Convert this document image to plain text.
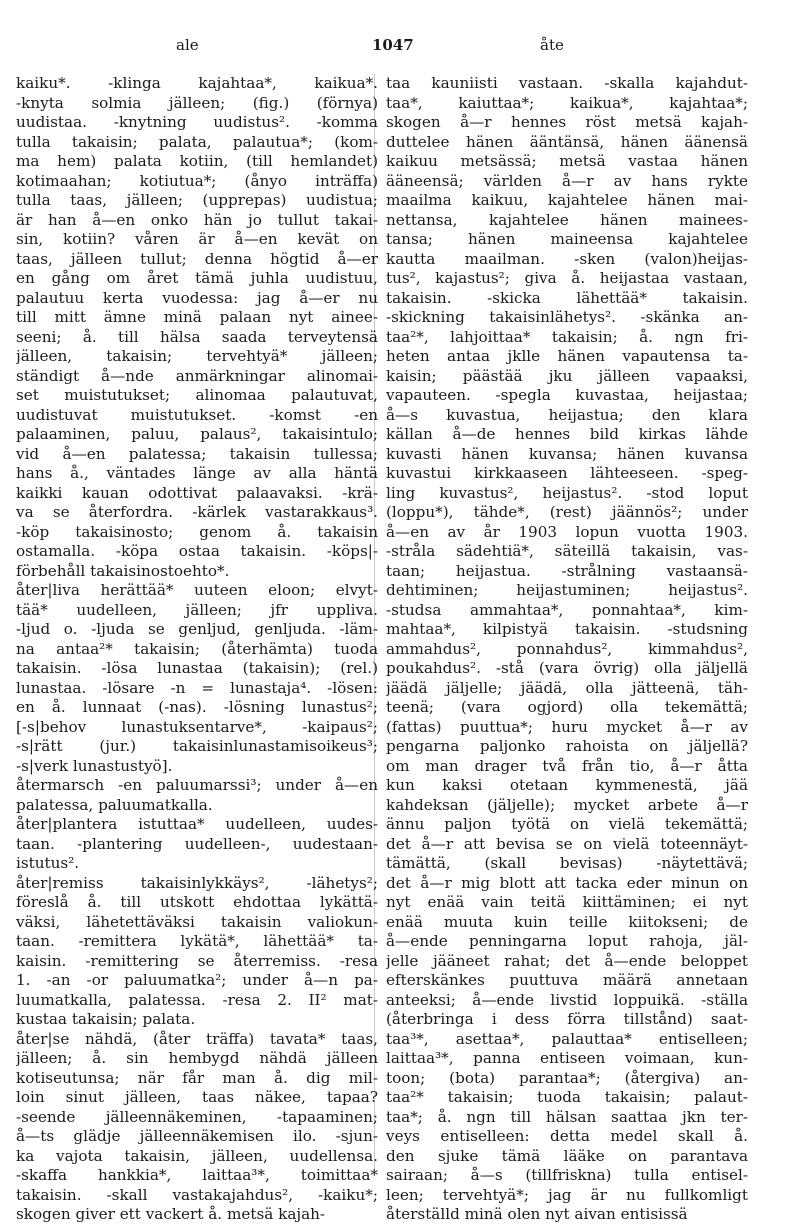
ale	1047	åte
kaiku*. -klinga kajahtaa*, kaikua*.
-knyta solmia jälleen; (fig.) (förnya)
uudistaa. -knytning uudistus². -komma
tulla takaisin; palata, palautua*; (kom-
ma hem) palata kotiin, (till hemlandet)
kotimaahan; kotiutua*; (ånyo inträffa)
tulla taas, jälleen; (upprepas) uudistua;
är han å—en onko hän jo tullut takai-
sin, kotiin? våren är å—en kevät on
taas, jälleen tullut; denna högtid å—er
en gång om året tämä juhla uudistuu,
palautuu kerta vuodessa: jag å—er nu
till mitt ämne minä palaan nyt ainee-
seeni; å. till hälsa saada terveytensä
jälleen, takaisin; tervehtyä* jälleen;
ständigt å—nde anmärkningar alinomai-
set muistutukset; alinomaa palautuvat,
uudistuvat muistutukset. -komst -en
palaaminen, paluu, palaus², takaisintulo;
vid å—en palatessa; takaisin tullessa;
hans å., väntades länge av alla häntä
kaikki kauan odottivat palaavaksi. -krä-
va se återfordra. -kärlek vastarakkaus³.
-köp takaisinosto; genom å. takaisin
ostamalla. -köpa ostaa takaisin. -köps|-
förbehåll takaisinostoehto*.
åter|liva herättää* uuteen eloon; elvyt-
tää* uudelleen, jälleen; jfr uppliva.
-ljud o. -ljuda se genljud, genljuda. -läm-
na antaa²* takaisin; (återhämta) tuoda
takaisin. -lösa lunastaa (takaisin); (rel.)
lunastaa. -lösare -n = lunastaja⁴. -lösen:
en å. lunnaat (-nas). -lösning lunastus²;
[-s|behov lunastuksentarve*, -kaipaus²;
-s|rätt (jur.) takaisinlunastamisoikeus³;
-s|verk lunastustyö].
återmarsch -en paluumarssi³; under å—en
palatessa, paluumatkalla.
åter|plantera istuttaa* uudelleen, uudes-
taan. -plantering uudelleen-, uudestaan-
istutus².
åter|remiss takaisinlykkäys², -lähetys²;
föreslå å. till utskott ehdottaa lykättä-
väksi, lähetettäväksi takaisin valiokun-
taan. -remittera lykätä*, lähettää* ta-
kaisin. -remittering se återremiss. -resa
1. -an -or paluumatka²; under å—n pa-
luumatkalla, palatessa. -resa 2. II² mat-
kustaa takaisin; palata.
åter|se nähdä, (åter träffa) tavata* taas,
jälleen; å. sin hembygd nähdä jälleen
kotiseutunsa; när får man å. dig mil-
loin sinut jälleen, taas näkee, tapaa?
-seende jälleennäkeminen, -tapaaminen;
å—ts glädje jälleennäkemisen ilo. -sjun-
ka vajota takaisin, jälleen, uudellensa.
-skaffa hankkia*, laittaa³*, toimittaa*
takaisin. -skall vastakajahdus², -kaiku*;
skogen giver ett vackert å. metsä kajah-
taa kauniisti vastaan. -skalla kajahdut-
taa*, kaiuttaa*; kaikua*, kajahtaa*;
skogen å—r hennes röst metsä kajah-
duttelee hänen ääntänsä, hänen äänensä
kaikuu metsässä; metsä vastaa hänen
ääneensä; världen å—r av hans rykte
maailma kaikuu, kajahtelee hänen mai-
nettansa, kajahtelee hänen mainees-
tansa; hänen maineensa kajahtelee
kautta maailman. -sken (valon)heijas-
tus², kajastus²; giva å. heijastaa vastaan,
takaisin. -skicka lähettää* takaisin.
-skickning takaisinlähetys². -skänka an-
taa²*, lahjoittaa* takaisin; å. ngn fri-
heten antaa jklle hänen vapautensa ta-
kaisin; päästää jku jälleen vapaaksi,
vapauteen. -spegla kuvastaa, heijastaa;
å—s kuvastua, heijastua; den klara
källan å—de hennes bild kirkas lähde
kuvasti hänen kuvansa; hänen kuvansa
kuvastui kirkkaaseen lähteeseen. -speg-
ling kuvastus², heijastus². -stod loput
(loppu*), tähde*, (rest) jäännös²; under
å—en av år 1903 lopun vuotta 1903.
-stråla sädehtiä*, säteillä takaisin, vas-
taan; heijastua. -strålning vastaansä-
dehtiminen; heijastuminen; heijastus².
-studsa ammahtaa*, ponnahtaa*, kim-
mahtaa*, kilpistyä takaisin. -studsning
ammahdus², ponnahdus², kimmahdus²,
poukahdus². -stå (vara övrig) olla jäljellä
jäädä jäljelle; jäädä, olla jätteenä, täh-
teenä; (vara ogjord) olla tekemättä;
(fattas) puuttua*; huru mycket å—r av
pengarna paljonko rahoista on jäljellä?
om man drager två från tio, å—r åtta
kun kaksi otetaan kymmenestä, jää
kahdeksan (jäljelle); mycket arbete å—r
ännu paljon työtä on vielä tekemättä;
det å—r att bevisa se on vielä toteennäyt-
tämättä, (skall bevisas) -näytettävä;
det å—r mig blott att tacka eder minun on
nyt enää vain teitä kiittäminen; ei nyt
enää muuta kuin teille kiitokseni; de
å—ende penningarna loput rahoja, jäl-
jelle jääneet rahat; det å—ende beloppet
efterskänkes puuttuva määrä annetaan
anteeksi; å—ende livstid loppuikä. -ställa
(återbringa i dess förra tillstånd) saat-
taa³*, asettaa*, palauttaa* entiselleen;
laittaa³*, panna entiseen voimaan, kun-
toon; (bota) parantaa*; (återgiva) an-
taa²* takaisin; tuoda takaisin; palaut-
taa*; å. ngn till hälsan saattaa jkn ter-
veys entiselleen: detta medel skall å.
den sjuke tämä lääke on parantava
sairaan; å—s (tillfriskna) tulla entisel-
leen; tervehtyä*; jag är nu fullkomligt
återställd minä olen nyt aivan entisissä
